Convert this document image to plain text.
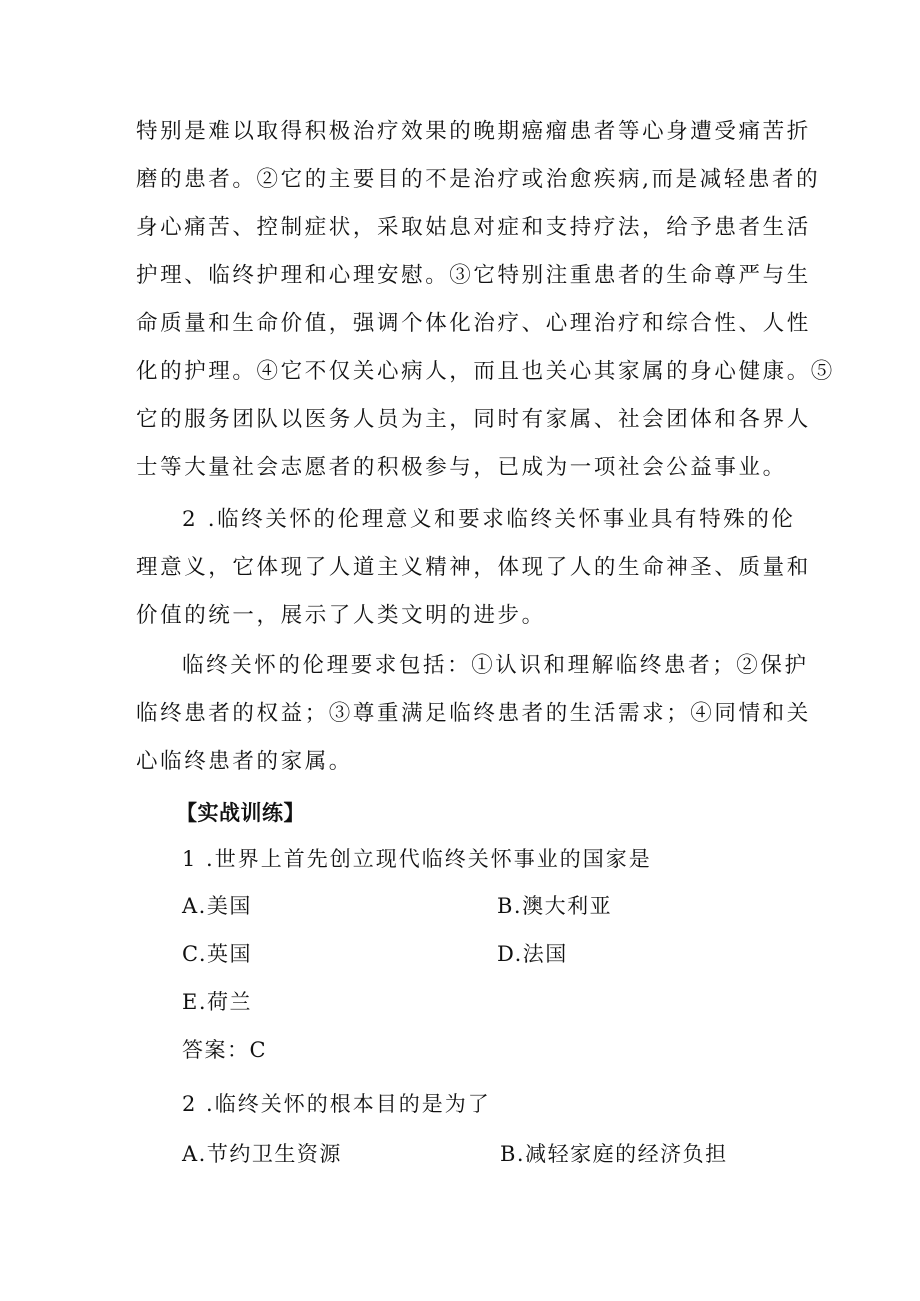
特别是难以取得积极治疗效果的晚期癌瘤患者等心身遭受痛苦折
磨的患者。②它的主要目的不是治疗或治愈疾病,而是减轻患者的
身心痛苦、控制症状，采取姑息对症和支持疗法，给予患者生活
护理、临终护理和心理安慰。③它特别注重患者的生命尊严与生
命质量和生命价值，强调个体化治疗、心理治疗和综合性、人性
化的护理。④它不仅关心病人，而且也关心其家属的身心健康。⑤
它的服务团队以医务人员为主，同时有家属、社会团体和各界人
士等大量社会志愿者的积极参与，已成为一项社会公益事业。
2 .临终关怀的伦理意义和要求临终关怀事业具有特殊的伦
理意义，它体现了人道主义精神，体现了人的生命神圣、质量和
价值的统一，展示了人类文明的进步。
临终关怀的伦理要求包括：①认识和理解临终患者；②保护
临终患者的权益；③尊重满足临终患者的生活需求；④同情和关
心临终患者的家属。
【实战训练】
1 .世界上首先创立现代临终关怀事业的国家是
A.美国	B.澳大利亚
C.英国	D.法国
E.荷兰
答案：C
2 .临终关怀的根本目的是为了
A.节约卫生资源	B.减轻家庭的经济负担
